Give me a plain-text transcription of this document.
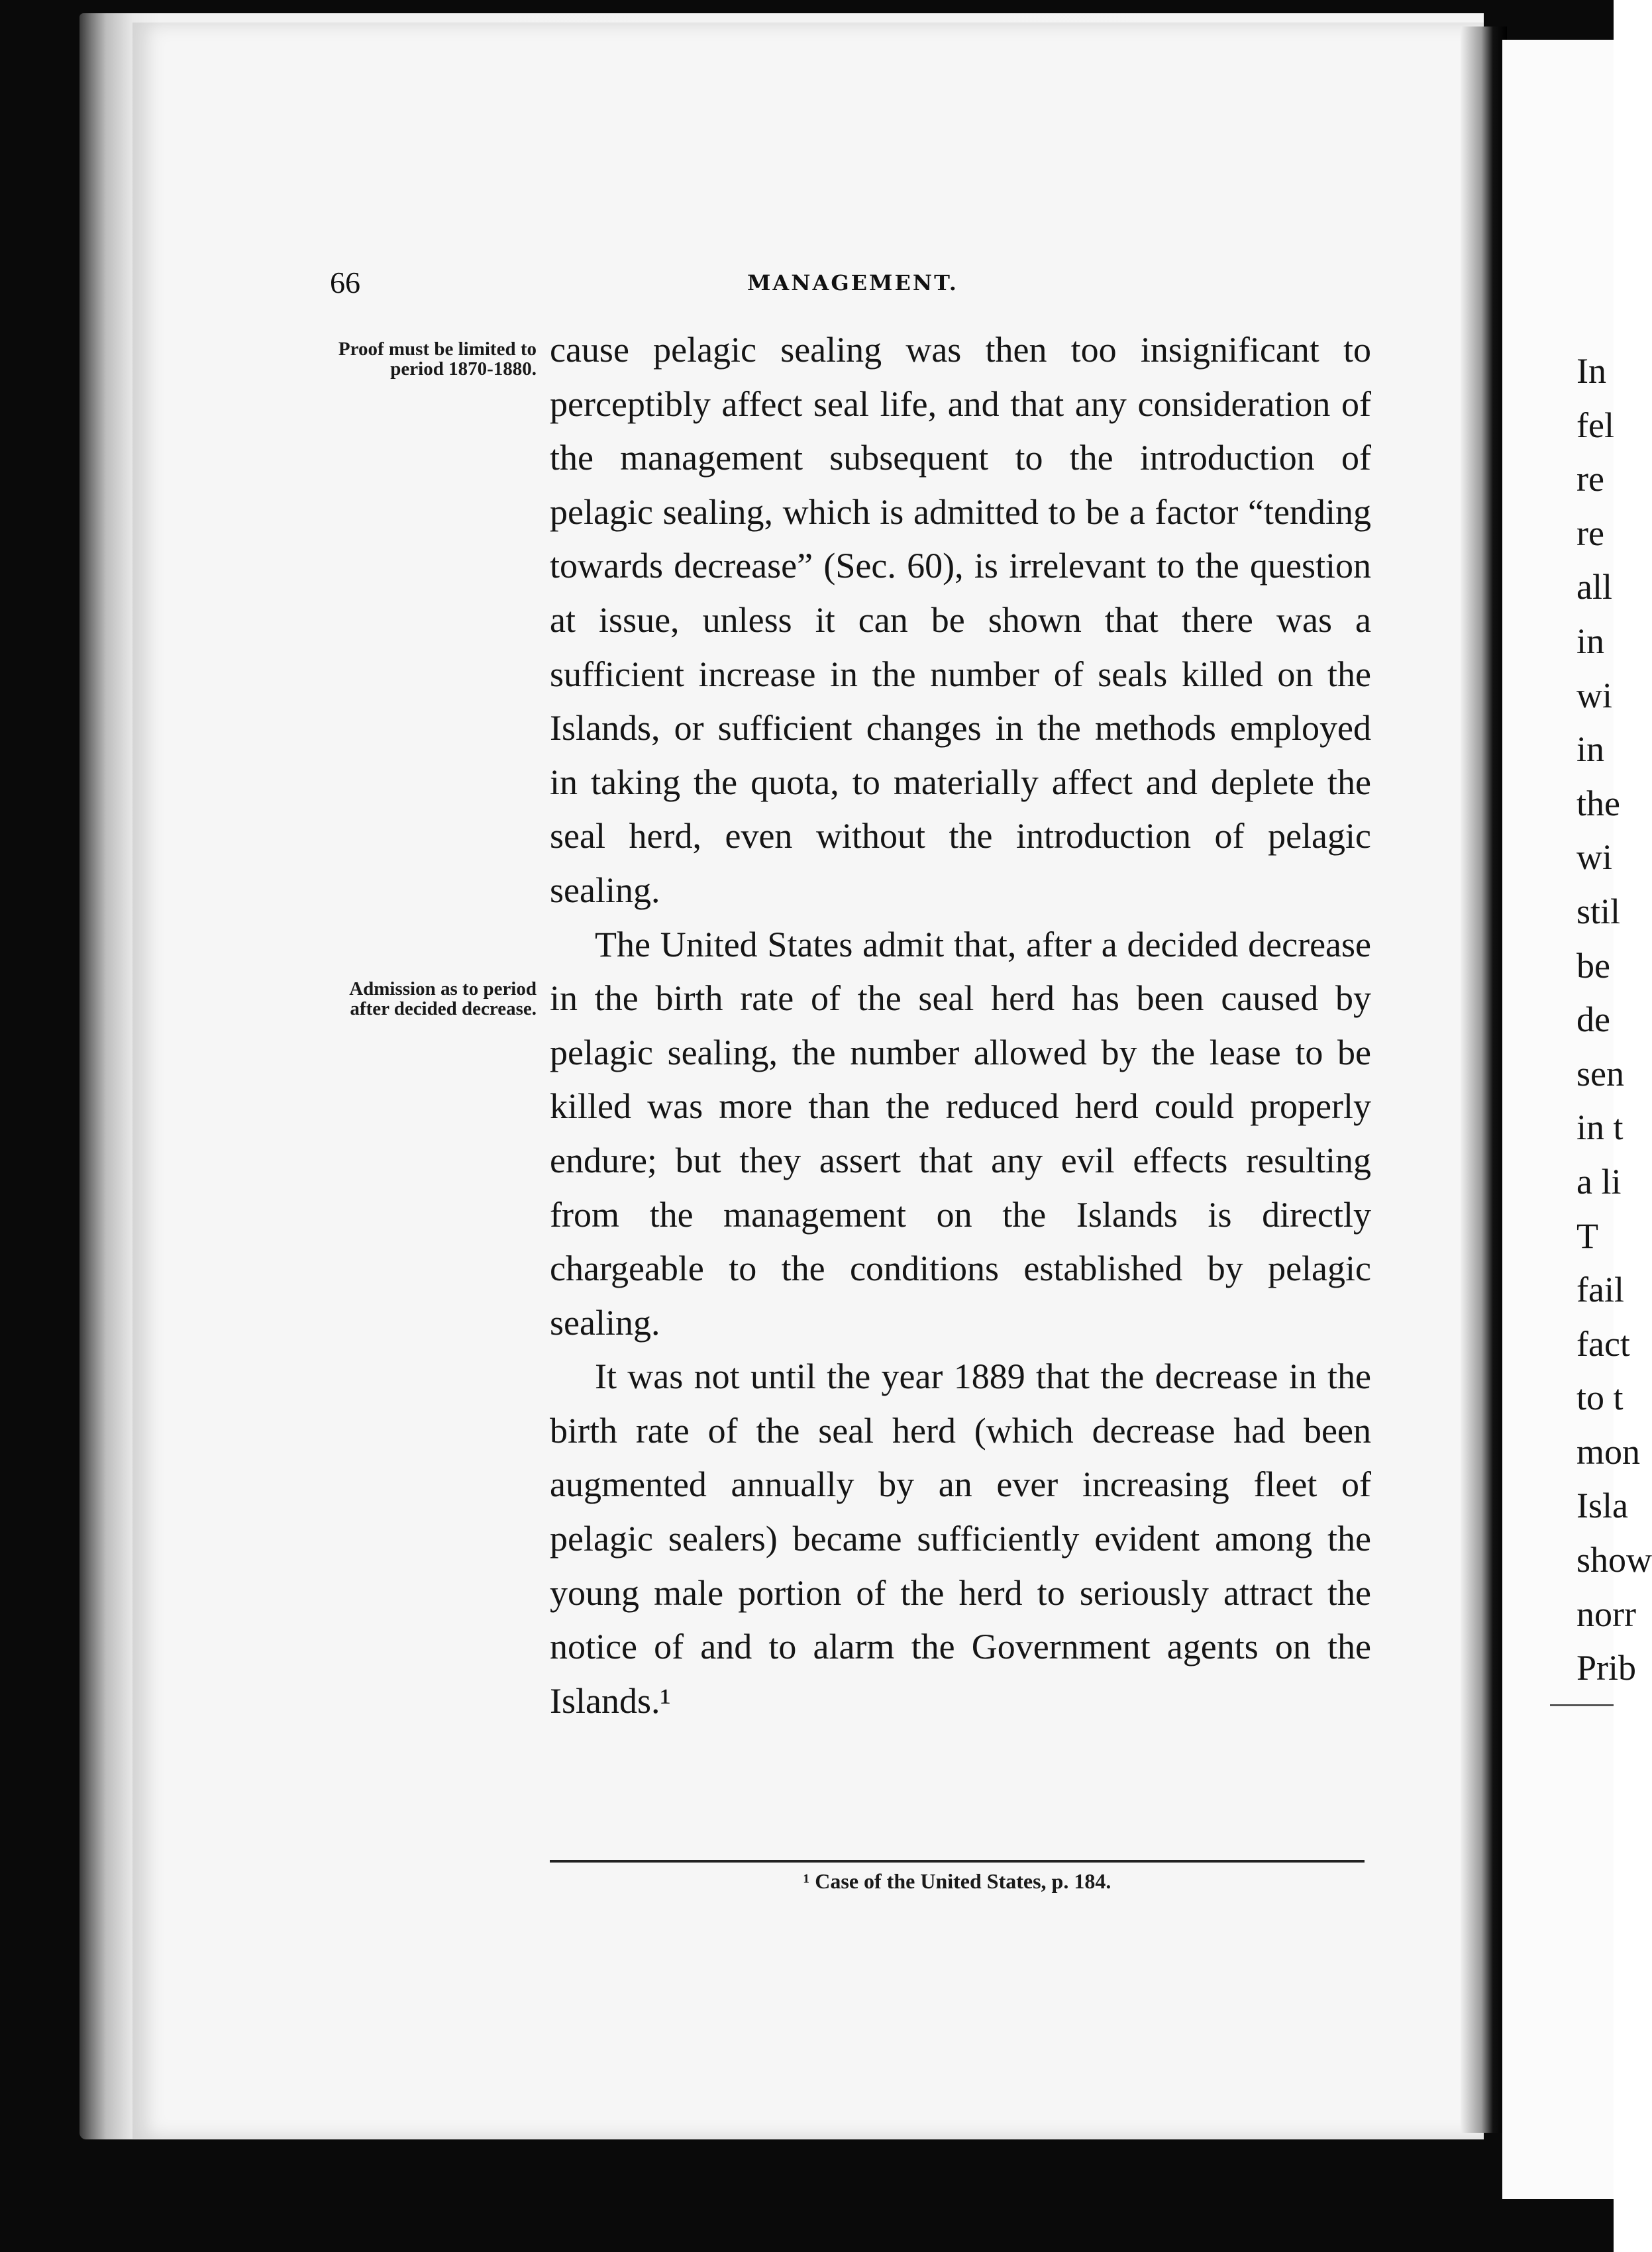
66	MANAGEMENT.
Proof must be limited to period 1870-1880.
Admission as to period after decided decrease.

cause pelagic sealing was then too insignificant to perceptibly affect seal life, and that any consideration of the management subsequent to the introduction of pelagic sealing, which is admitted to be a factor “tending towards decrease” (Sec. 60), is irrelevant to the question at issue, unless it can be shown that there was a sufficient increase in the number of seals killed on the Islands, or sufficient changes in the methods employed in taking the quota, to materially affect and deplete the seal herd, even without the introduction of pelagic sealing.

The United States admit that, after a decided decrease in the birth rate of the seal herd has been caused by pelagic sealing, the number allowed by the lease to be killed was more than the reduced herd could properly endure; but they assert that any evil effects resulting from the management on the Islands is directly chargeable to the conditions established by pelagic sealing.

It was not until the year 1889 that the decrease in the birth rate of the seal herd (which decrease had been augmented annually by an ever increasing fleet of pelagic sealers) became sufficiently evident among the young male portion of the herd to seriously attract the notice of and to alarm the Government agents on the Islands.¹

¹ Case of the United States, p. 184.
In
fel
re
re
all
in
wi
in
the
wi
stil
be
de
sen
in t
a li
T
fail
fact
to t
mon
Isla
show
norr
Prib
